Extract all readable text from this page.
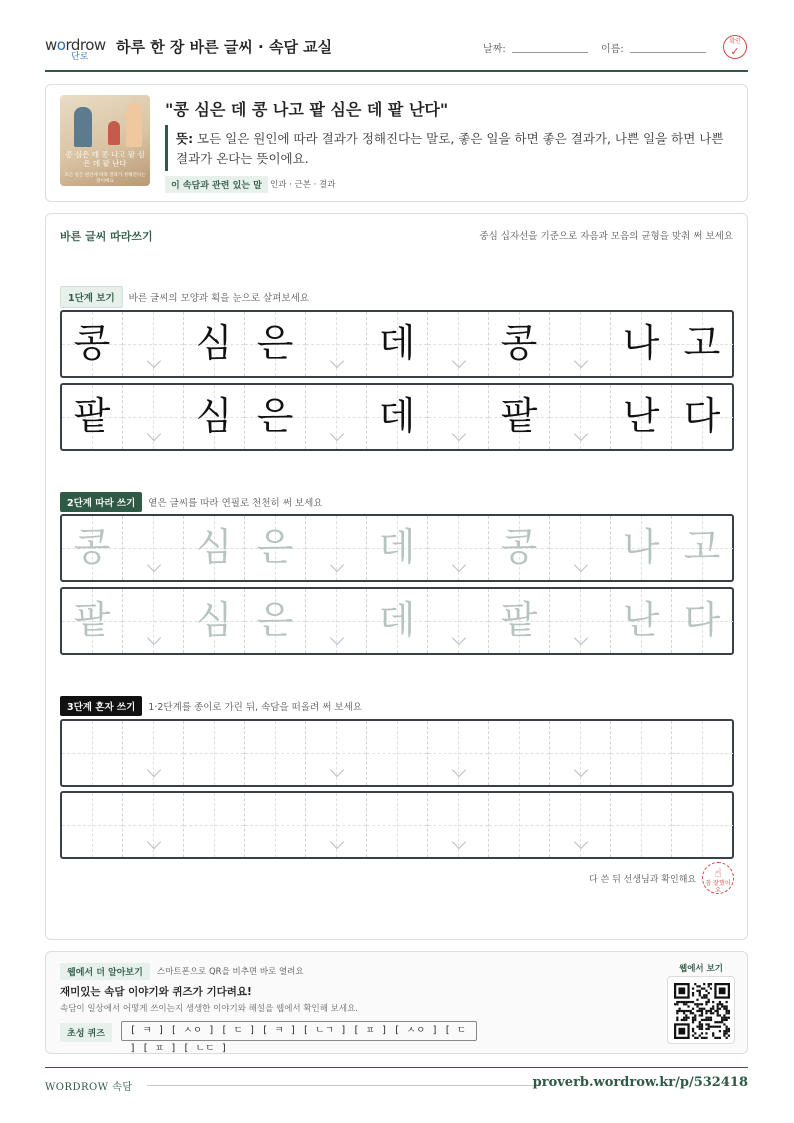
wordrow
단로
하루 한 장 바른 글씨 · 속담 교실	날짜:	이름:
확인
✓
콩 심은 데 콩 나고 팥 심은 데 팥 난다
모든 일은 원인에 따라 결과가 정해진다는 말이에요
"콩 심은 데 콩 나고 팥 심은 데 팥 난다"
뜻: 모든 일은 원인에 따라 결과가 정해진다는 말로, 좋은 일을 하면 좋은 결과가, 나쁜 일을 하면 나쁜 결과가 온다는 뜻이에요.
이 속담과 관련 있는 말 인과 · 근본 · 결과
바른 글씨 따라쓰기	중심 십자선을 기준으로 자음과 모음의 균형을 맞춰 써 보세요
1단계 보기 바른 글씨의 모양과 획을 눈으로 살펴보세요
콩	심 은	데	콩	나 고
팥	심 은	데	팥	난 다
2단계 따라 쓰기 옅은 글씨를 따라 연필로 천천히 써 보세요
콩	심 은	데	콩	나 고
팥	심 은	데	팥	난 다
3단계 혼자 쓰기 1·2단계를 종이로 가린 뒤, 속담을 떠올려 써 보세요
다 쓴 뒤 선생님과 확인해요	☝
참 잘했어요
웹에서 더 알아보기	스마트폰으로 QR을 비추면 바로 열려요
재미있는 속담 이야기와 퀴즈가 기다려요!
속담이 일상에서 어떻게 쓰이는지 생생한 이야기와 해설을 웹에서 확인해 보세요.
초성 퀴즈	[ ㅋ ] [ ㅅㅇ ] [ ㄷ ] [ ㅋ ] [ ㄴㄱ ] [ ㅍ ] [ ㅅㅇ ] [ ㄷ ] [ ㅍ ] [ ㄴㄷ ]
웹에서 보기
WORDROW 속담	proverb.wordrow.kr/p/532418
